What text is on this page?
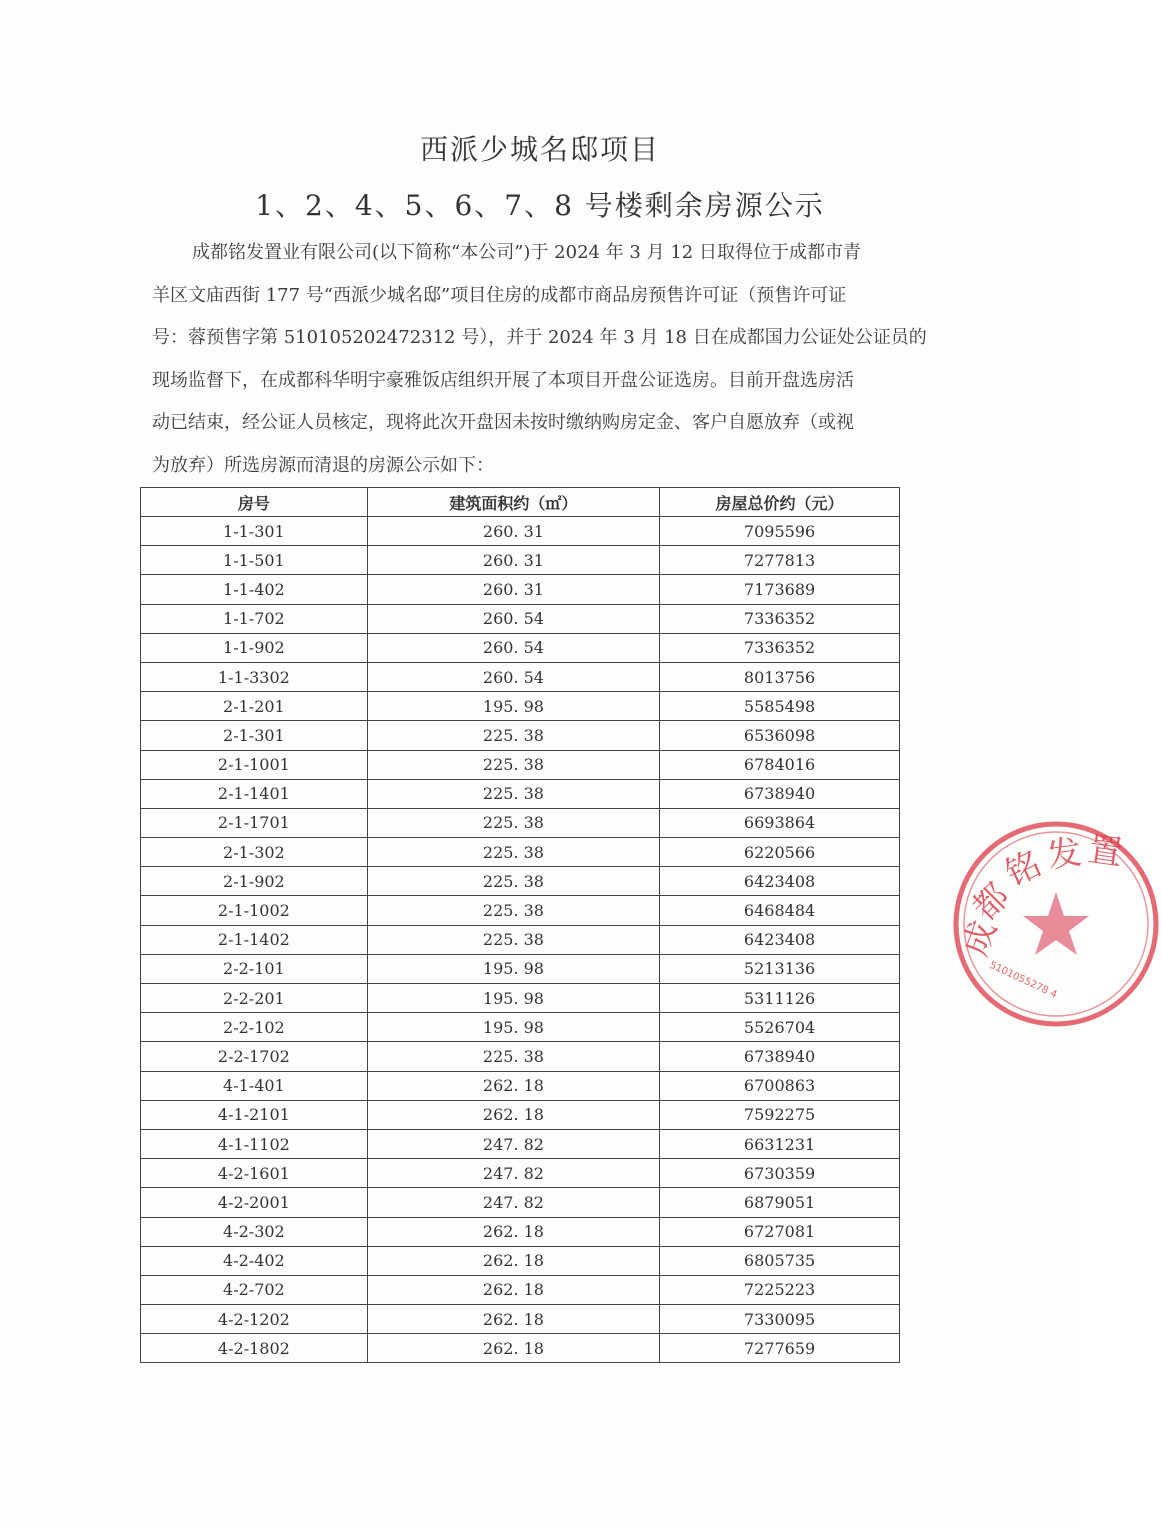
西派少城名邸项目
1、2、4、5、6、7、8 号楼剩余房源公示
成都铭发置业有限公司(以下简称“本公司”)于 2024 年 3 月 12 日取得位于成都市青
羊区文庙西街 177 号“西派少城名邸”项目住房的成都市商品房预售许可证（预售许可证
号：蓉预售字第 510105202472312 号），并于 2024 年 3 月 18 日在成都国力公证处公证员的
现场监督下，在成都科华明宇豪雅饭店组织开展了本项目开盘公证选房。目前开盘选房活
动已结束，经公证人员核定，现将此次开盘因未按时缴纳购房定金、客户自愿放弃（或视
为放弃）所选房源而清退的房源公示如下：
房号	建筑面积约（㎡）	房屋总价约（元）
1-1-301	260. 31	7095596
1-1-501	260. 31	7277813
1-1-402	260. 31	7173689
1-1-702	260. 54	7336352
1-1-902	260. 54	7336352
1-1-3302	260. 54	8013756
2-1-201	195. 98	5585498
2-1-301	225. 38	6536098
2-1-1001	225. 38	6784016
2-1-1401	225. 38	6738940
2-1-1701	225. 38	6693864
2-1-302	225. 38	6220566
2-1-902	225. 38	6423408
2-1-1002	225. 38	6468484
2-1-1402	225. 38	6423408
2-2-101	195. 98	5213136
2-2-201	195. 98	5311126
2-2-102	195. 98	5526704
2-2-1702	225. 38	6738940
4-1-401	262. 18	6700863
4-1-2101	262. 18	7592275
4-1-1102	247. 82	6631231
4-2-1601	247. 82	6730359
4-2-2001	247. 82	6879051
4-2-302	262. 18	6727081
4-2-402	262. 18	6805735
4-2-702	262. 18	7225223
4-2-1202	262. 18	7330095
4-2-1802	262. 18	7277659
成
都
铭
发 置
5101055278 4
